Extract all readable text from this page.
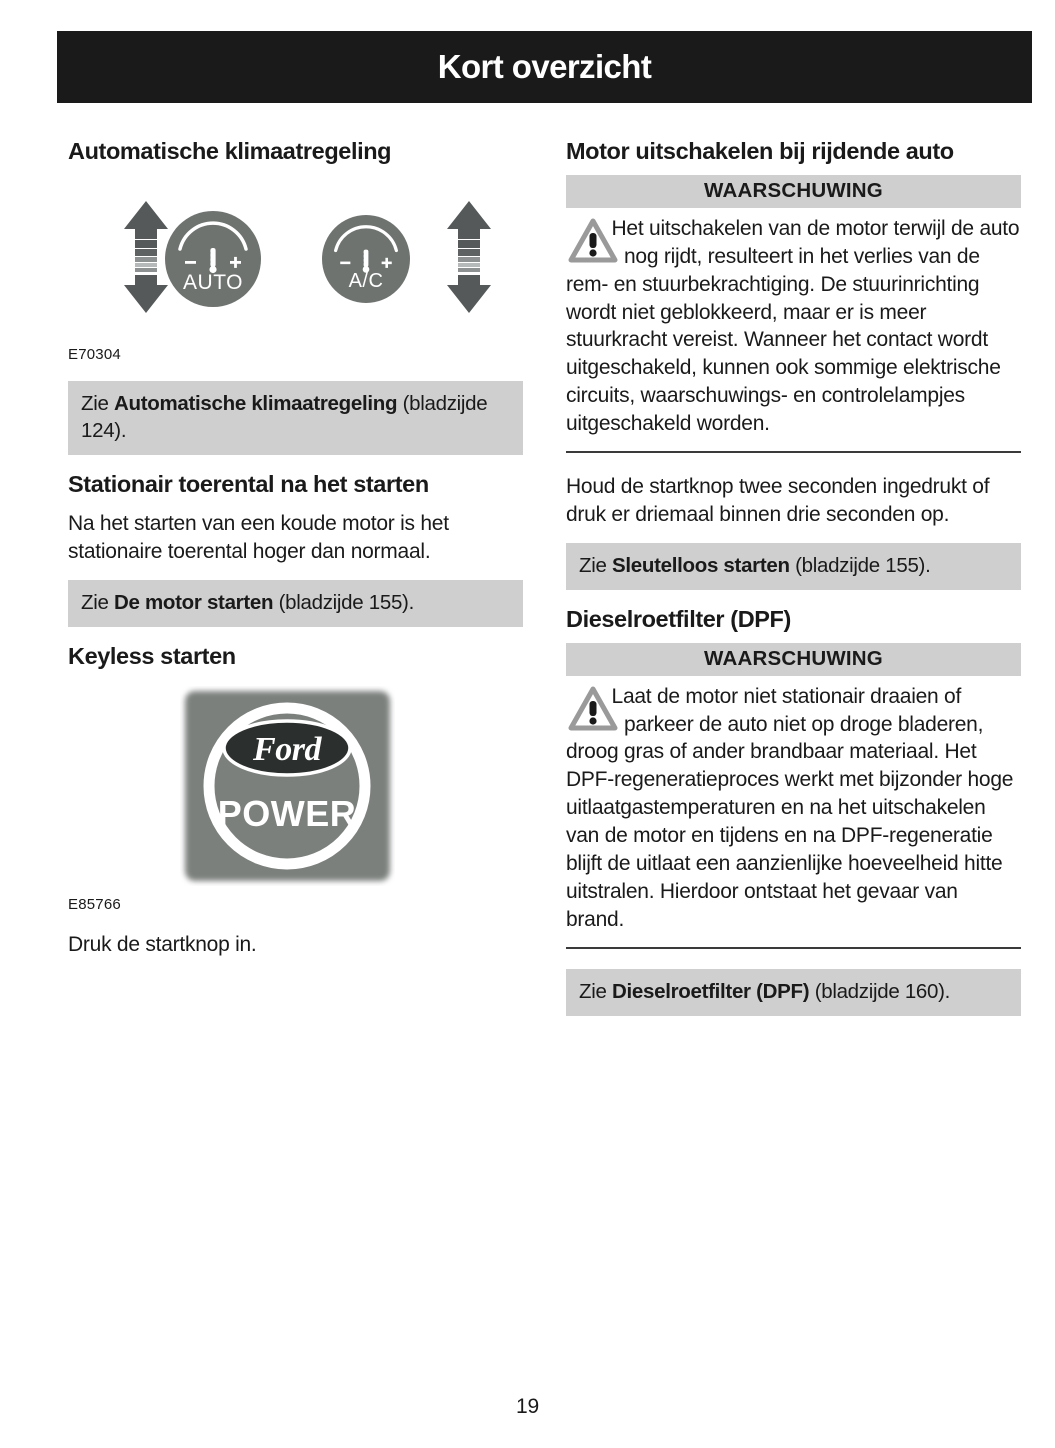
Kort overzicht
Automatische klimaatregeling
AUTO	A/C

E70304

Zie Automatische klimaatregeling (bladzijde 124).
Stationair toerental na het starten

Na het starten van een koude motor is het stationaire toerental hoger dan normaal.

Zie De motor starten (bladzijde 155).
Keyless starten
Ford
POWER

E85766

Druk de startknop in.

Motor uitschakelen bij rijdende auto
WAARSCHUWING

Het uitschakelen van de motor terwijl de auto nog rijdt, resulteert in het verlies van de rem- en stuurbekrachtiging. De stuurinrichting wordt niet geblokkeerd, maar er is meer stuurkracht vereist. Wanneer het contact wordt uitgeschakeld, kunnen ook sommige elektrische circuits, waarschuwings- en controlelampjes uitgeschakeld worden.

Houd de startknop twee seconden ingedrukt of druk er driemaal binnen drie seconden op.

Zie Sleutelloos starten (bladzijde 155).
Dieselroetfilter (DPF)
WAARSCHUWING

Laat de motor niet stationair draaien of parkeer de auto niet op droge bladeren, droog gras of ander brandbaar materiaal. Het DPF-regeneratieproces werkt met bijzonder hoge uitlaatgastemperaturen en na het uitschakelen van de motor en tijdens en na DPF-regeneratie blijft de uitlaat een aanzienlijke hoeveelheid hitte uitstralen. Hierdoor ontstaat het gevaar van brand.

Zie Dieselroetfilter (DPF) (bladzijde 160).
19
